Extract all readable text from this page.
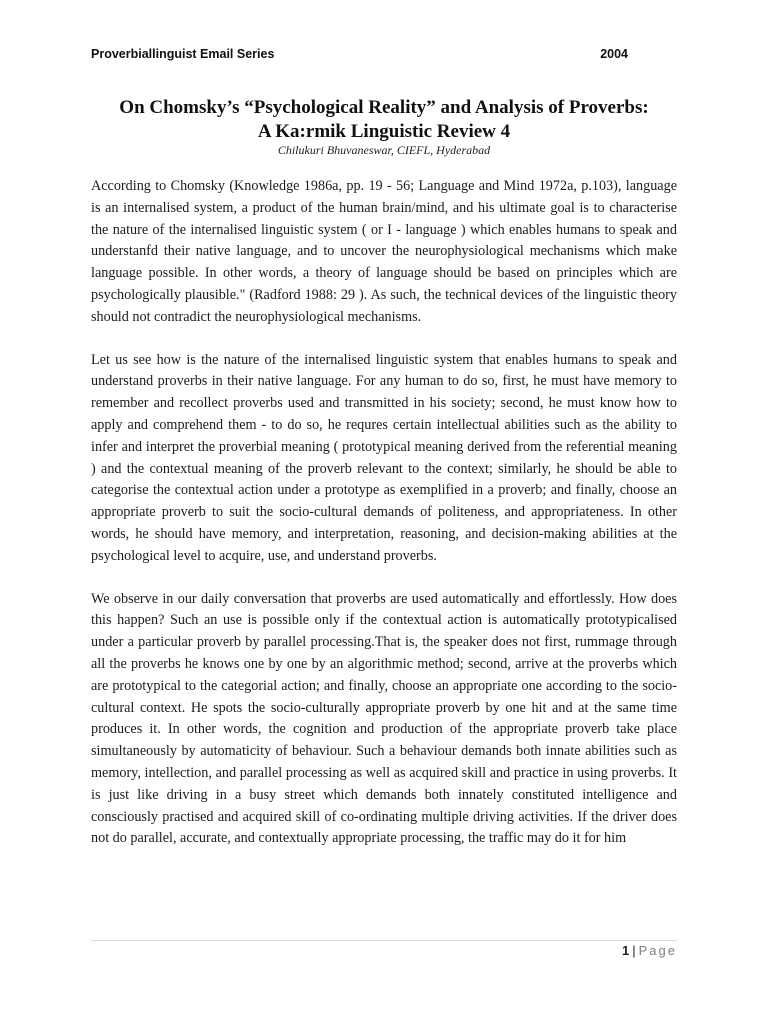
Proverbiallinguist Email Series	2004
On Chomsky’s “Psychological Reality” and Analysis of Proverbs:
A Ka:rmik Linguistic Review 4
Chilukuri Bhuvaneswar, CIEFL, Hyderabad

According to Chomsky (Knowledge 1986a, pp. 19 - 56; Language and Mind 1972a, p.103), language is an internalised system, a product of the human brain/mind, and his ultimate goal is to characterise the nature of the internalised linguistic system ( or I - language ) which enables humans to speak and understanfd their native language, and to uncover the neurophysiological mechanisms which make language possible. In other words, a theory of language should be based on principles which are psychologically plausible." (Radford 1988: 29 ). As such, the technical devices of the linguistic theory should not contradict the neurophysiological mechanisms.

Let us see how is the nature of the internalised linguistic system that enables humans to speak and understand proverbs in their native language. For any human to do so, first, he must have memory to remember and recollect proverbs used and transmitted in his society; second, he must know how to apply and comprehend them - to do so, he requres certain intellectual abilities such as the ability to infer and interpret the proverbial meaning ( prototypical meaning derived from the referential meaning ) and the contextual meaning of the proverb relevant to the context; similarly, he should be able to categorise the contextual action under a prototype as exemplified in a proverb; and finally, choose an appropriate proverb to suit the socio-cultural demands of politeness, and appropriateness. In other words, he should have memory, and interpretation, reasoning, and decision-making abilities at the psychological level to acquire, use, and understand proverbs.

We observe in our daily conversation that proverbs are used automatically and effortlessly. How does this happen? Such an use is possible only if the contextual action is automatically prototypicalised under a particular proverb by parallel processing.That is, the speaker does not first, rummage through all the proverbs he knows one by one by an algorithmic method; second, arrive at the proverbs which are prototypical to the categorial action; and finally, choose an appropriate one according to the socio-cultural context. He spots the socio-culturally appropriate proverb by one hit and at the same time produces it. In other words, the cognition and production of the appropriate proverb take place simultaneously by automaticity of behaviour. Such a behaviour demands both innate abilities such as memory, intellection, and parallel processing as well as acquired skill and practice in using proverbs. It is just like driving in a busy street which demands both innately constituted intelligence and consciously practised and acquired skill of co-ordinating multiple driving activities. If the driver does not do parallel, accurate, and contextually appropriate processing, the traffic may do it for him

1 | Page
